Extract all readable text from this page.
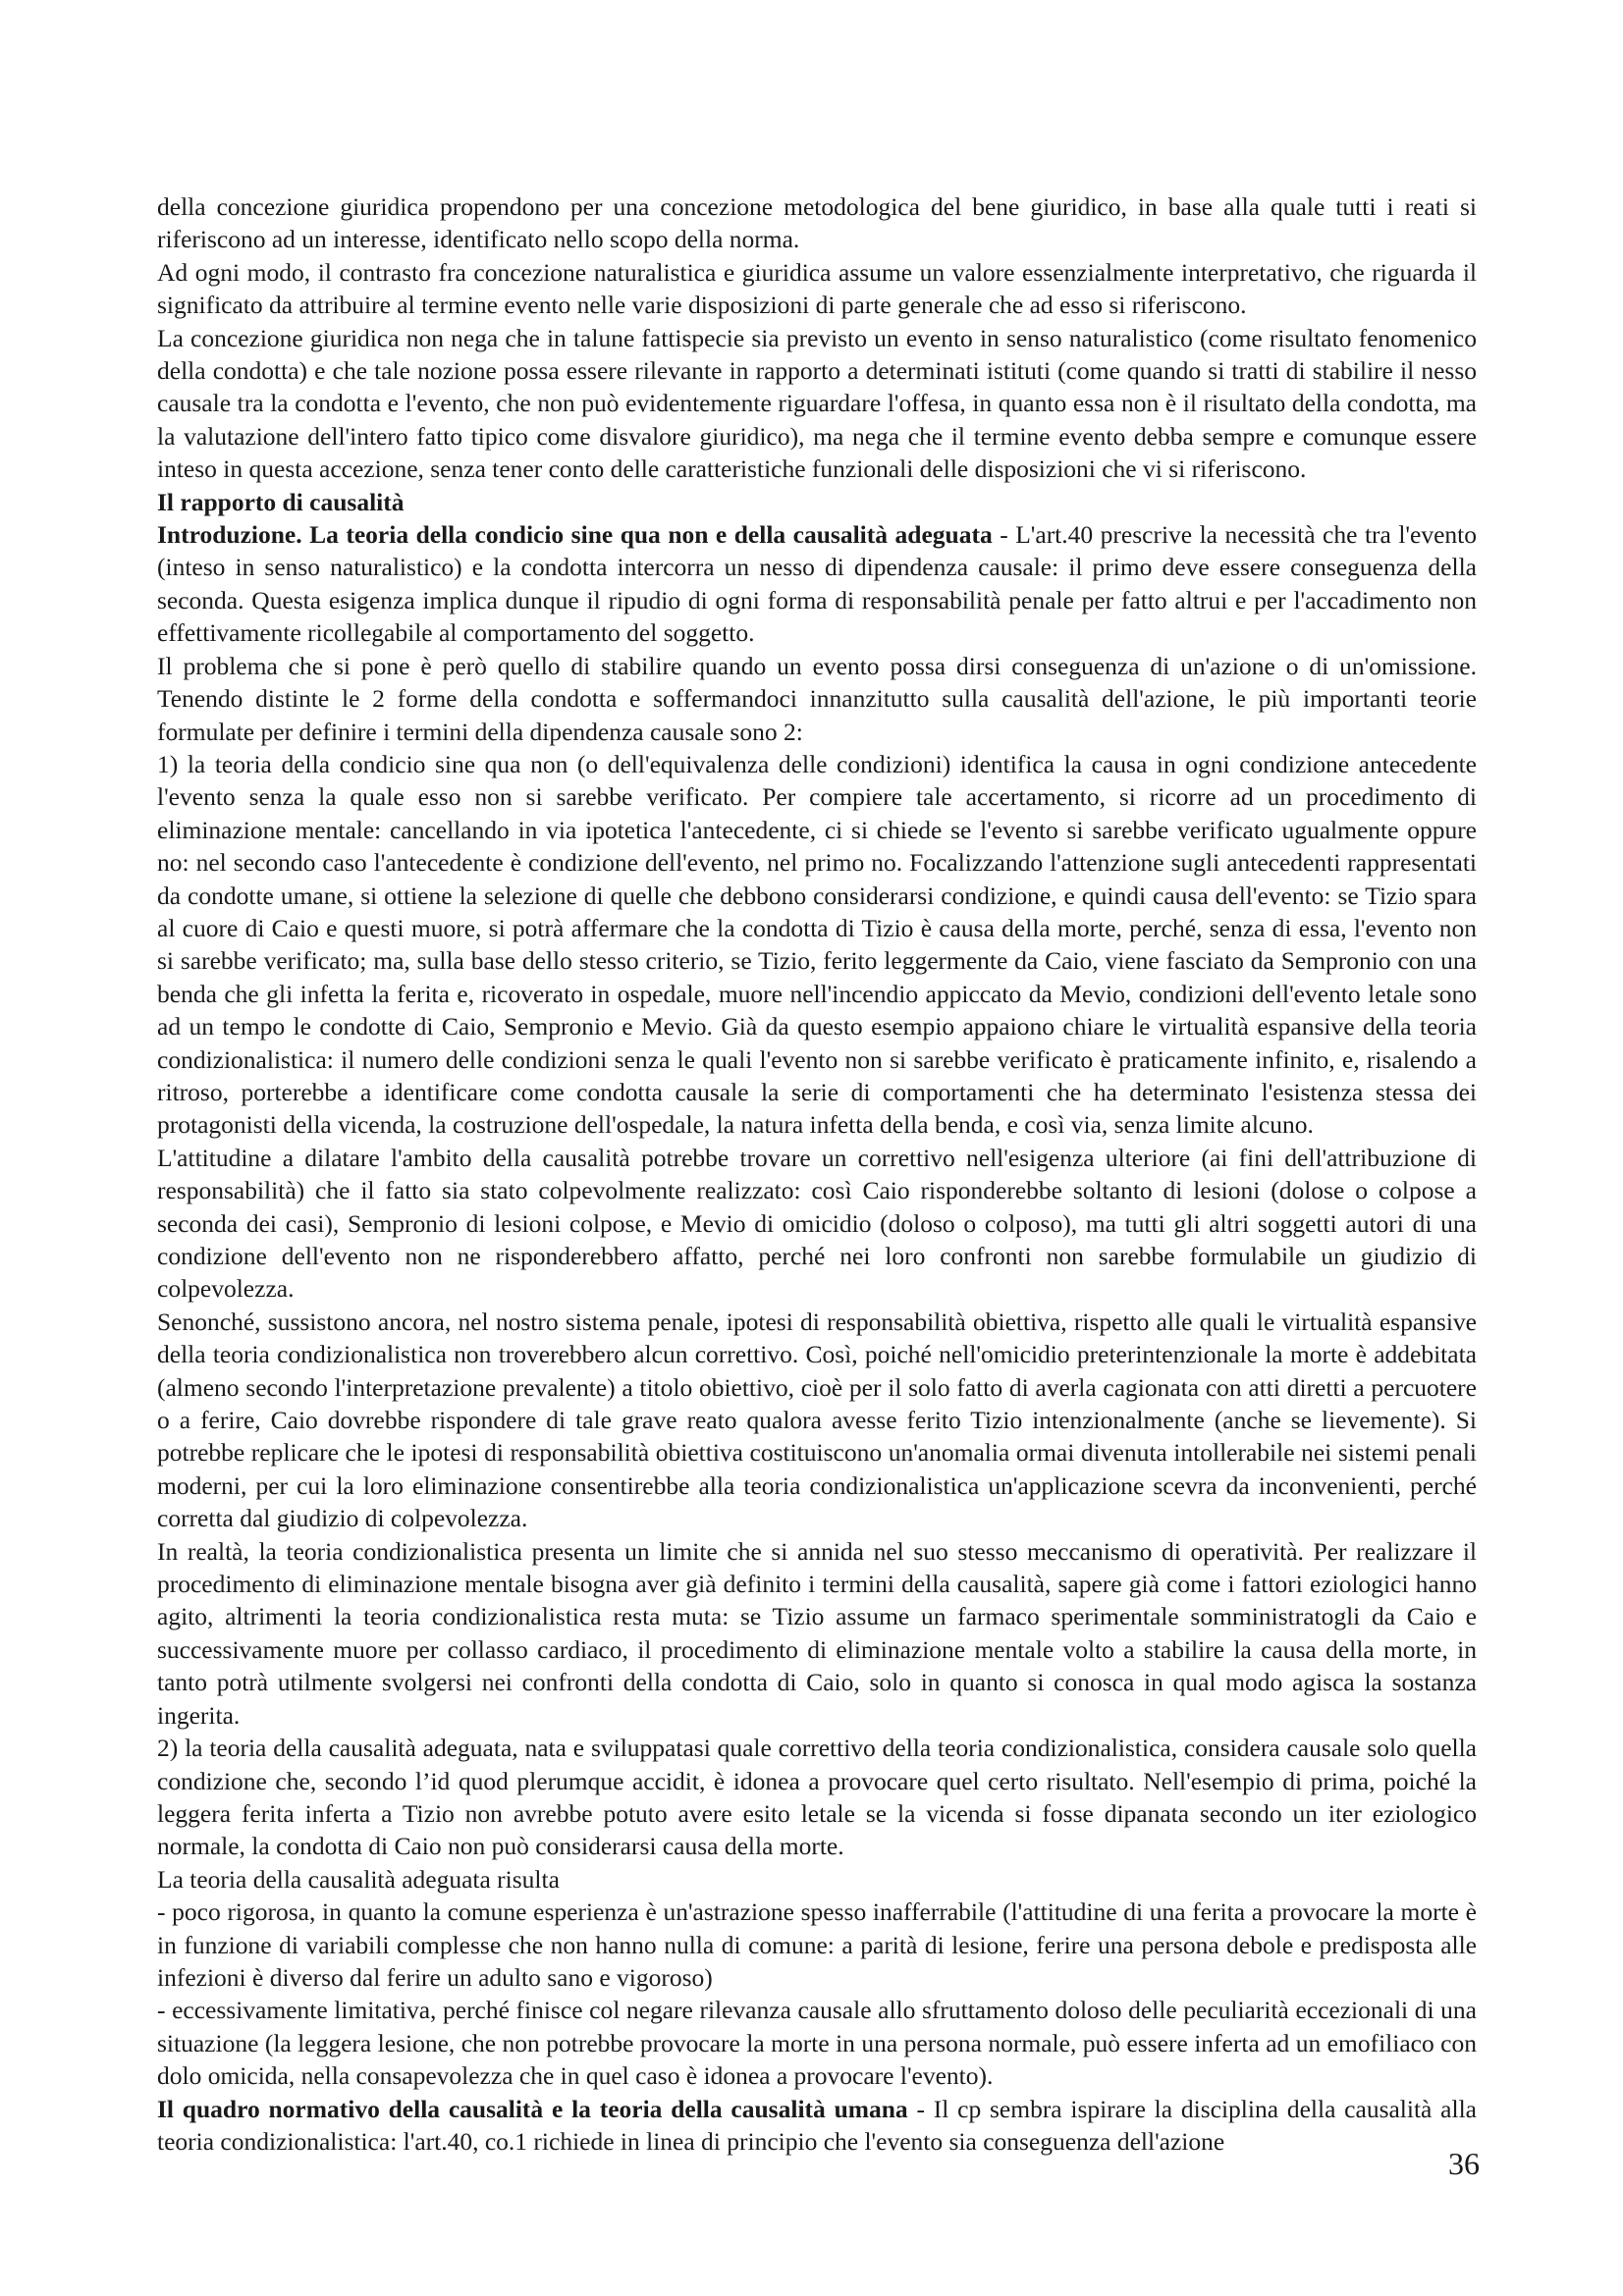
della concezione giuridica propendono per una concezione metodologica del bene giuridico, in base alla quale tutti i reati si riferiscono ad un interesse, identificato nello scopo della norma.

Ad ogni modo, il contrasto fra concezione naturalistica e giuridica assume un valore essenzialmente interpretativo, che riguarda il significato da attribuire al termine evento nelle varie disposizioni di parte generale che ad esso si riferiscono.

La concezione giuridica non nega che in talune fattispecie sia previsto un evento in senso naturalistico (come risultato fenomenico della condotta) e che tale nozione possa essere rilevante in rapporto a determinati istituti (come quando si tratti di stabilire il nesso causale tra la condotta e l'evento, che non può evidentemente riguardare l'offesa, in quanto essa non è il risultato della condotta, ma la valutazione dell'intero fatto tipico come disvalore giuridico), ma nega che il termine evento debba sempre e comunque essere inteso in questa accezione, senza tener conto delle caratteristiche funzionali delle disposizioni che vi si riferiscono.

Il rapporto di causalità

Introduzione. La teoria della condicio sine qua non e della causalità adeguata - L'art.40 prescrive la necessità che tra l'evento (inteso in senso naturalistico) e la condotta intercorra un nesso di dipendenza causale: il primo deve essere conseguenza della seconda. Questa esigenza implica dunque il ripudio di ogni forma di responsabilità penale per fatto altrui e per l'accadimento non effettivamente ricollegabile al comportamento del soggetto.

Il problema che si pone è però quello di stabilire quando un evento possa dirsi conseguenza di un'azione o di un'omissione. Tenendo distinte le 2 forme della condotta e soffermandoci innanzitutto sulla causalità dell'azione, le più importanti teorie formulate per definire i termini della dipendenza causale sono 2:

1) la teoria della condicio sine qua non (o dell'equivalenza delle condizioni) identifica la causa in ogni condizione antecedente l'evento senza la quale esso non si sarebbe verificato. Per compiere tale accertamento, si ricorre ad un procedimento di eliminazione mentale: cancellando in via ipotetica l'antecedente, ci si chiede se l'evento si sarebbe verificato ugualmente oppure no: nel secondo caso l'antecedente è condizione dell'evento, nel primo no. Focalizzando l'attenzione sugli antecedenti rappresentati da condotte umane, si ottiene la selezione di quelle che debbono considerarsi condizione, e quindi causa dell'evento: se Tizio spara al cuore di Caio e questi muore, si potrà affermare che la condotta di Tizio è causa della morte, perché, senza di essa, l'evento non si sarebbe verificato; ma, sulla base dello stesso criterio, se Tizio, ferito leggermente da Caio, viene fasciato da Sempronio con una benda che gli infetta la ferita e, ricoverato in ospedale, muore nell'incendio appiccato da Mevio, condizioni dell'evento letale sono ad un tempo le condotte di Caio, Sempronio e Mevio. Già da questo esempio appaiono chiare le virtualità espansive della teoria condizionalistica: il numero delle condizioni senza le quali l'evento non si sarebbe verificato è praticamente infinito, e, risalendo a ritroso, porterebbe a identificare come condotta causale la serie di comportamenti che ha determinato l'esistenza stessa dei protagonisti della vicenda, la costruzione dell'ospedale, la natura infetta della benda, e così via, senza limite alcuno.

L'attitudine a dilatare l'ambito della causalità potrebbe trovare un correttivo nell'esigenza ulteriore (ai fini dell'attribuzione di responsabilità) che il fatto sia stato colpevolmente realizzato: così Caio risponderebbe soltanto di lesioni (dolose o colpose a seconda dei casi), Sempronio di lesioni colpose, e Mevio di omicidio (doloso o colposo), ma tutti gli altri soggetti autori di una condizione dell'evento non ne risponderebbero affatto, perché nei loro confronti non sarebbe formulabile un giudizio di colpevolezza.

Senonché, sussistono ancora, nel nostro sistema penale, ipotesi di responsabilità obiettiva, rispetto alle quali le virtualità espansive della teoria condizionalistica non troverebbero alcun correttivo. Così, poiché nell'omicidio preterintenzionale la morte è addebitata (almeno secondo l'interpretazione prevalente) a titolo obiettivo, cioè per il solo fatto di averla cagionata con atti diretti a percuotere o a ferire, Caio dovrebbe rispondere di tale grave reato qualora avesse ferito Tizio intenzionalmente (anche se lievemente). Si potrebbe replicare che le ipotesi di responsabilità obiettiva costituiscono un'anomalia ormai divenuta intollerabile nei sistemi penali moderni, per cui la loro eliminazione consentirebbe alla teoria condizionalistica un'applicazione scevra da inconvenienti, perché corretta dal giudizio di colpevolezza.

In realtà, la teoria condizionalistica presenta un limite che si annida nel suo stesso meccanismo di operatività. Per realizzare il procedimento di eliminazione mentale bisogna aver già definito i termini della causalità, sapere già come i fattori eziologici hanno agito, altrimenti la teoria condizionalistica resta muta: se Tizio assume un farmaco sperimentale somministratogli da Caio e successivamente muore per collasso cardiaco, il procedimento di eliminazione mentale volto a stabilire la causa della morte, in tanto potrà utilmente svolgersi nei confronti della condotta di Caio, solo in quanto si conosca in qual modo agisca la sostanza ingerita.

2) la teoria della causalità adeguata, nata e sviluppatasi quale correttivo della teoria condizionalistica, considera causale solo quella condizione che, secondo l’id quod plerumque accidit, è idonea a provocare quel certo risultato. Nell'esempio di prima, poiché la leggera ferita inferta a Tizio non avrebbe potuto avere esito letale se la vicenda si fosse dipanata secondo un iter eziologico normale, la condotta di Caio non può considerarsi causa della morte.

La teoria della causalità adeguata risulta

- poco rigorosa, in quanto la comune esperienza è un'astrazione spesso inafferrabile (l'attitudine di una ferita a provocare la morte è in funzione di variabili complesse che non hanno nulla di comune: a parità di lesione, ferire una persona debole e predisposta alle infezioni è diverso dal ferire un adulto sano e vigoroso)

- eccessivamente limitativa, perché finisce col negare rilevanza causale allo sfruttamento doloso delle peculiarità eccezionali di una situazione (la leggera lesione, che non potrebbe provocare la morte in una persona normale, può essere inferta ad un emofiliaco con dolo omicida, nella consapevolezza che in quel caso è idonea a provocare l'evento).

Il quadro normativo della causalità e la teoria della causalità umana - Il cp sembra ispirare la disciplina della causalità alla teoria condizionalistica: l'art.40, co.1 richiede in linea di principio che l'evento sia conseguenza dell'azione

36
